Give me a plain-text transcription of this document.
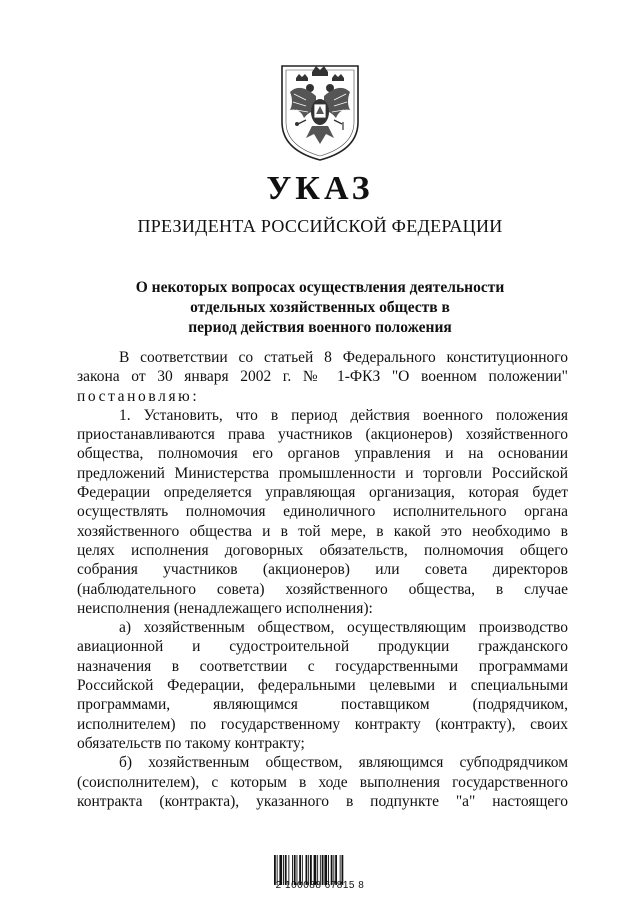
УКАЗ
ПРЕЗИДЕНТА РОССИЙСКОЙ ФЕДЕРАЦИИ
О некоторых вопросах осуществления деятельности
отдельных хозяйственных обществ в
период действия военного положения
В соответствии со статьей 8 Федерального конституционного
закона от 30 января 2002 г. № 1-ФКЗ "О военном положении"
постановляю:
1. Установить, что в период действия военного положения
приостанавливаются права участников (акционеров) хозяйственного
общества, полномочия его органов управления и на основании
предложений Министерства промышленности и торговли Российской
Федерации определяется управляющая организация, которая будет
осуществлять полномочия единоличного исполнительного органа
хозяйственного общества и в той мере, в какой это необходимо в
целях исполнения договорных обязательств, полномочия общего
собрания участников (акционеров) или совета директоров
(наблюдательного совета) хозяйственного общества, в случае
неисполнения (ненадлежащего исполнения):
а) хозяйственным обществом, осуществляющим производство
авиационной и судостроительной продукции гражданского
назначения в соответствии с государственными программами
Российской Федерации, федеральными целевыми и специальными
программами, являющимся поставщиком (подрядчиком,
исполнителем) по государственному контракту (контракту), своих
обязательств по такому контракту;
б) хозяйственным обществом, являющимся субподрядчиком
(соисполнителем), с которым в ходе выполнения государственного
контракта (контракта), указанного в подпункте "а" настоящего
2 100088 67815 8
